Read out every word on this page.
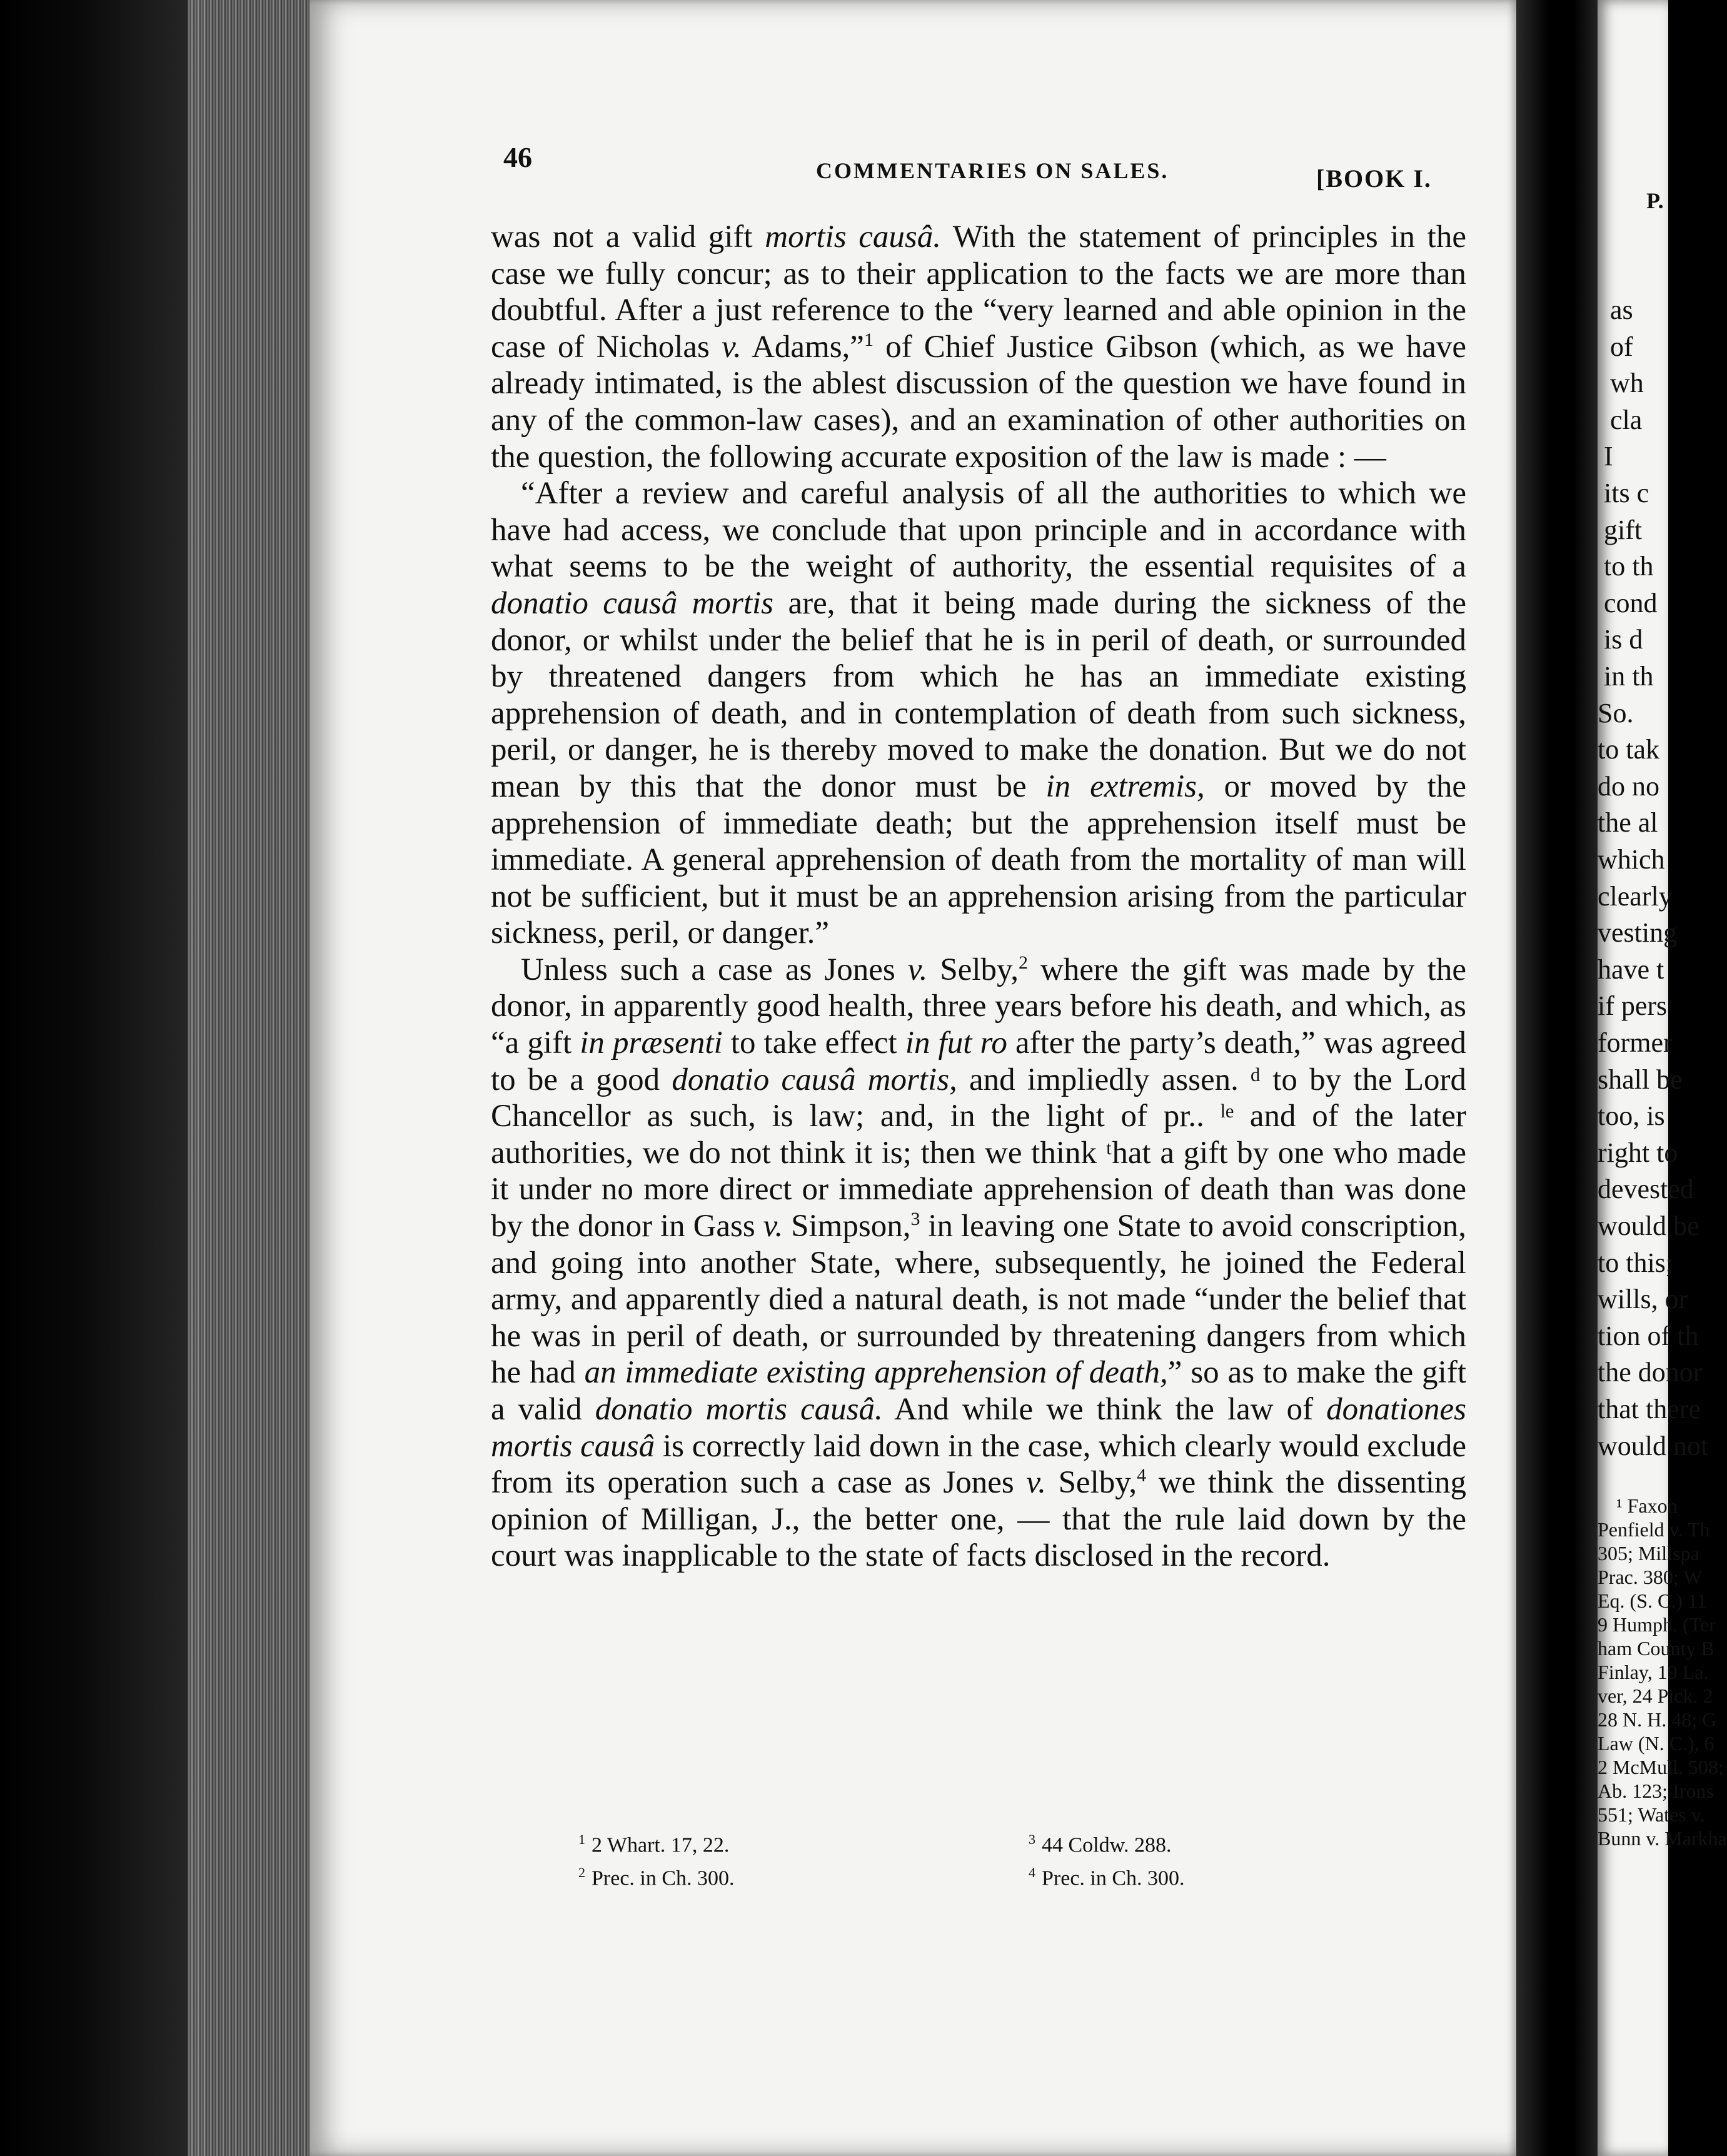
46	COMMENTARIES ON SALES.	[BOOK I.

was not a valid gift mortis causâ. With the statement of principles in the case we fully concur; as to their application to the facts we are more than doubtful. After a just reference to the “very learned and able opinion in the case of Nicholas v. Adams,”$^1$ of Chief Justice Gibson (which, as we have already intimated, is the ablest discussion of the question we have found in any of the common-law cases), and an examination of other authorities on the question, the following accurate exposition of the law is made : —

“After a review and careful analysis of all the authorities to which we have had access, we conclude that upon principle and in accordance with what seems to be the weight of authority, the essential requisites of a donatio causâ mortis are, that it being made during the sickness of the donor, or whilst under the belief that he is in peril of death, or surrounded by threatened dangers from which he has an immediate existing apprehension of death, and in contemplation of death from such sickness, peril, or danger, he is thereby moved to make the donation. But we do not mean by this that the donor must be in extremis, or moved by the apprehension of immediate death; but the apprehension itself must be immediate. A general apprehension of death from the mortality of man will not be sufficient, but it must be an apprehension arising from the particular sickness, peril, or danger.”

Unless such a case as Jones v. Selby,$^2$ where the gift was made by the donor, in apparently good health, three years before his death, and which, as “a gift in præsenti to take effect in fut ro after the party’s death,” was agreed to be a good donatio causâ mortis, and impliedly assen. ᵈ to by the Lord Chancellor as such, is law; and, in the light of pr.. ˡᵉ and of the later authorities, we do not think it is; then we think ᵗhat a gift by one who made it under no more direct or immediate apprehension of death than was done by the donor in Gass v. Simpson,$^3$ in leaving one State to avoid conscription, and going into another State, where, subsequently, he joined the Federal army, and apparently died a natural death, is not made “under the belief that he was in peril of death, or surrounded by threatening dangers from which he had an immediate existing apprehension of death,” so as to make the gift a valid donatio mortis causâ. And while we think the law of donationes mortis causâ is correctly laid down in the case, which clearly would exclude from its operation such a case as Jones v. Selby,$^4$ we think the dissenting opinion of Milligan, J., the better one, — that the rule laid down by the court was inapplicable to the state of facts disclosed in the record.

$^1$ 2 Whart. 17, 22.
$^2$ Prec. in Ch. 300.
$^3$ 44 Coldw. 288.
$^4$ Prec. in Ch. 300.
P.
as
of
wh
cla
I
its c
gift
to th
cond
is d
in th
So.
to tak
do no
the al
which
clearly
vesting
have t
if pers
former
shall be
too, is
right to
devested
would be
to this;
wills, or
tion of th
the donor
that there
would not
¹ Faxon
Penfield v. Th
305; Millspa
Prac. 380; W
Eq. (S. C.) 11
9 Humph. (Ter
ham County B
Finlay, 19 La.
ver, 24 Pick. 2
28 N. H. 48; G
Law (N. C.), 6
2 McMull. 508;
Ab. 123; Irons
551; Wates v.
Bunn v. Markha
